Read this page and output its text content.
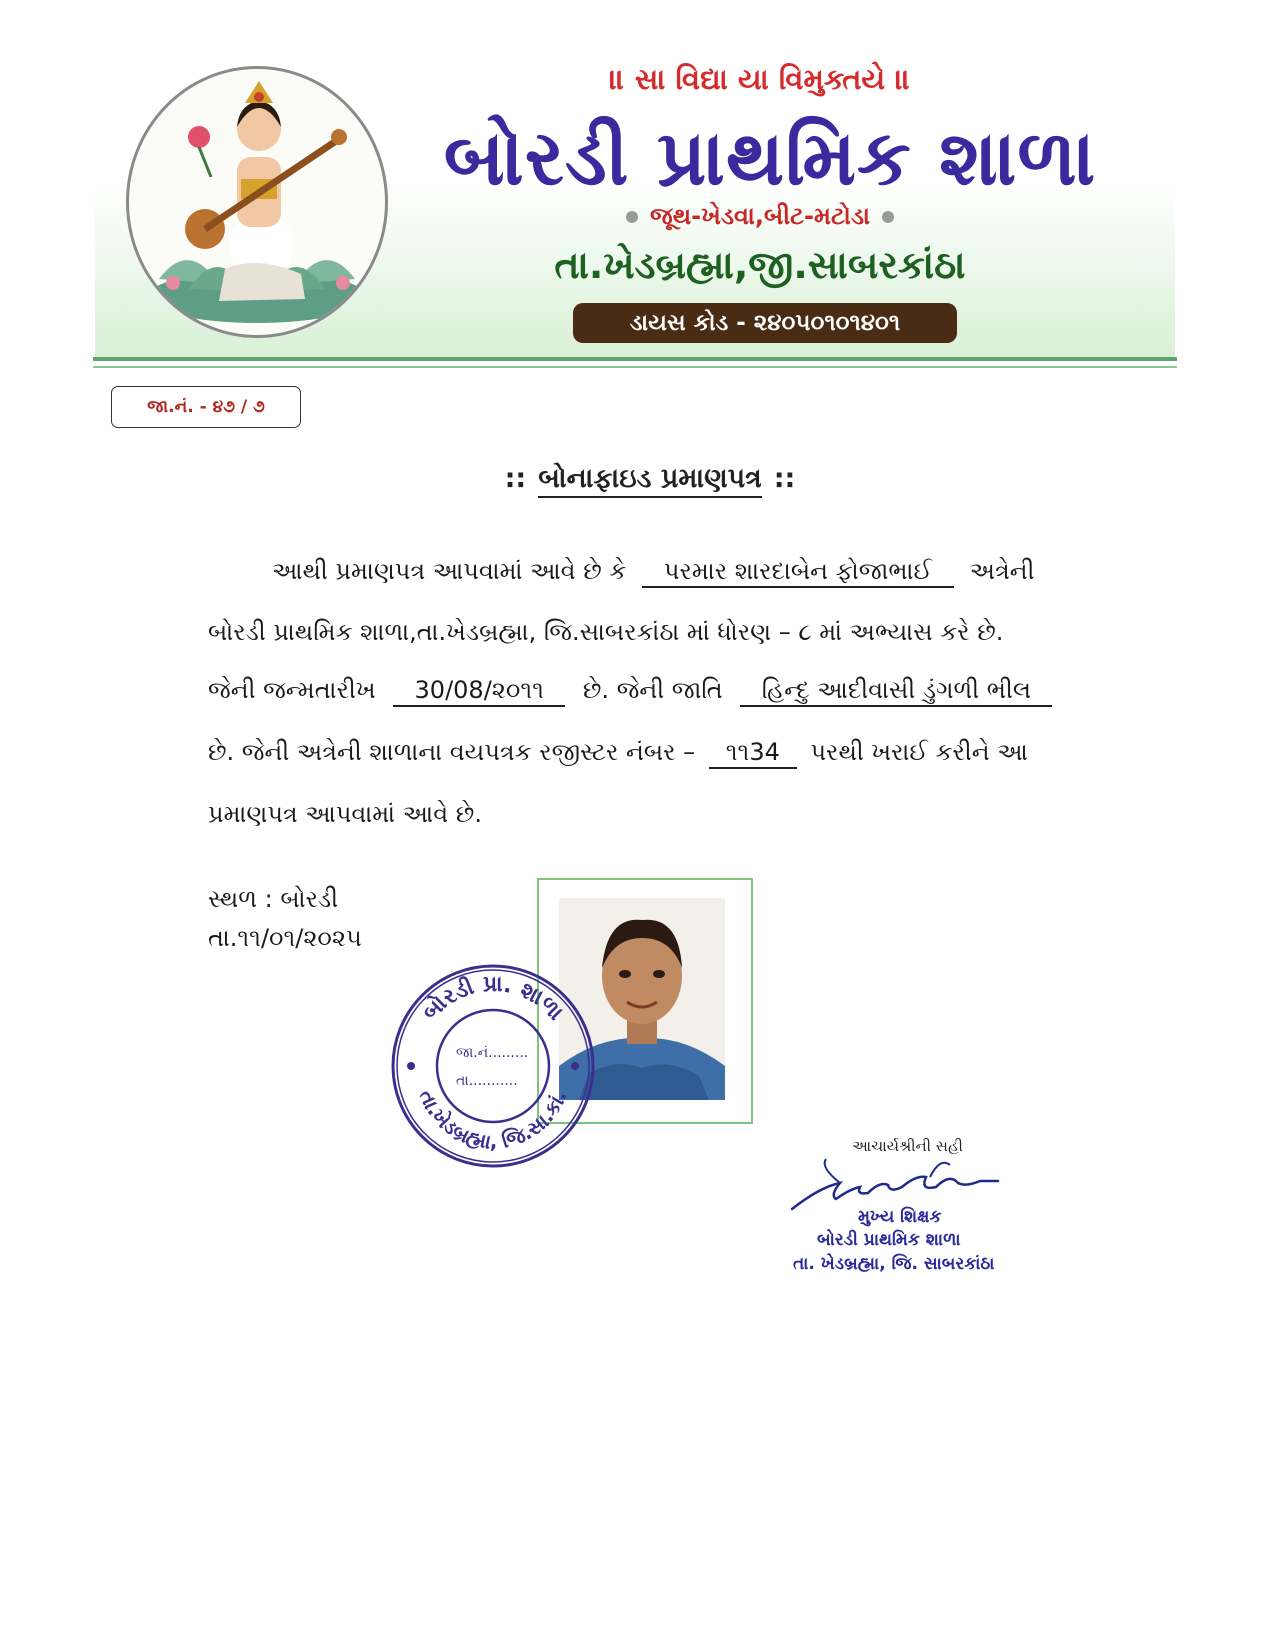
॥ સા વિદ્યા યા વિમુક્તયે ॥
બોરડી પ્રાથમિક શાળા
જૂથ-ખેડવા,બીટ-મટોડા
તા.ખેડબ્રહ્મા,જી.સાબરકાંઠા
ડાયસ કોડ - ૨૪૦૫૦૧૦૧૪૦૧
જા.નં. - ૪૭ / ૭
:: બોનાફાઇડ પ્રમાણપત્ર ::
આથી પ્રમાણપત્ર આપવામાં આવે છે કે પરમાર શારદાબેન ફોજાભાઈ અત્રેની
બોરડી પ્રાથમિક શાળા,તા.ખેડબ્રહ્મા, જિ.સાબરકાંઠા માં ધોરણ – ૮ માં અભ્યાસ કરે છે.
જેની જન્મતારીખ 30/08/૨૦૧૧ છે. જેની જાતિ હિન્દુ આદીવાસી ડુંગળી ભીલ
છે. જેની અત્રેની શાળાના વયપત્રક રજીસ્ટર નંબર – ૧૧34 પરથી ખરાઈ કરીને આ
પ્રમાણપત્ર આપવામાં આવે છે.
સ્થળ : બોરડી
તા.૧૧/૦૧/૨૦૨૫
બોરડી પ્રા. શાળા
તા.ખેડબ્રહ્મા, જિ.સા.કાં.
જા.નં.........
તા...........
આચાર્યશ્રીની સહી
મુખ્ય શિક્ષક
બોરડી પ્રાથમિક શાળા
તા. ખેડબ્રહ્મા, જિ. સાબરકાંઠા
